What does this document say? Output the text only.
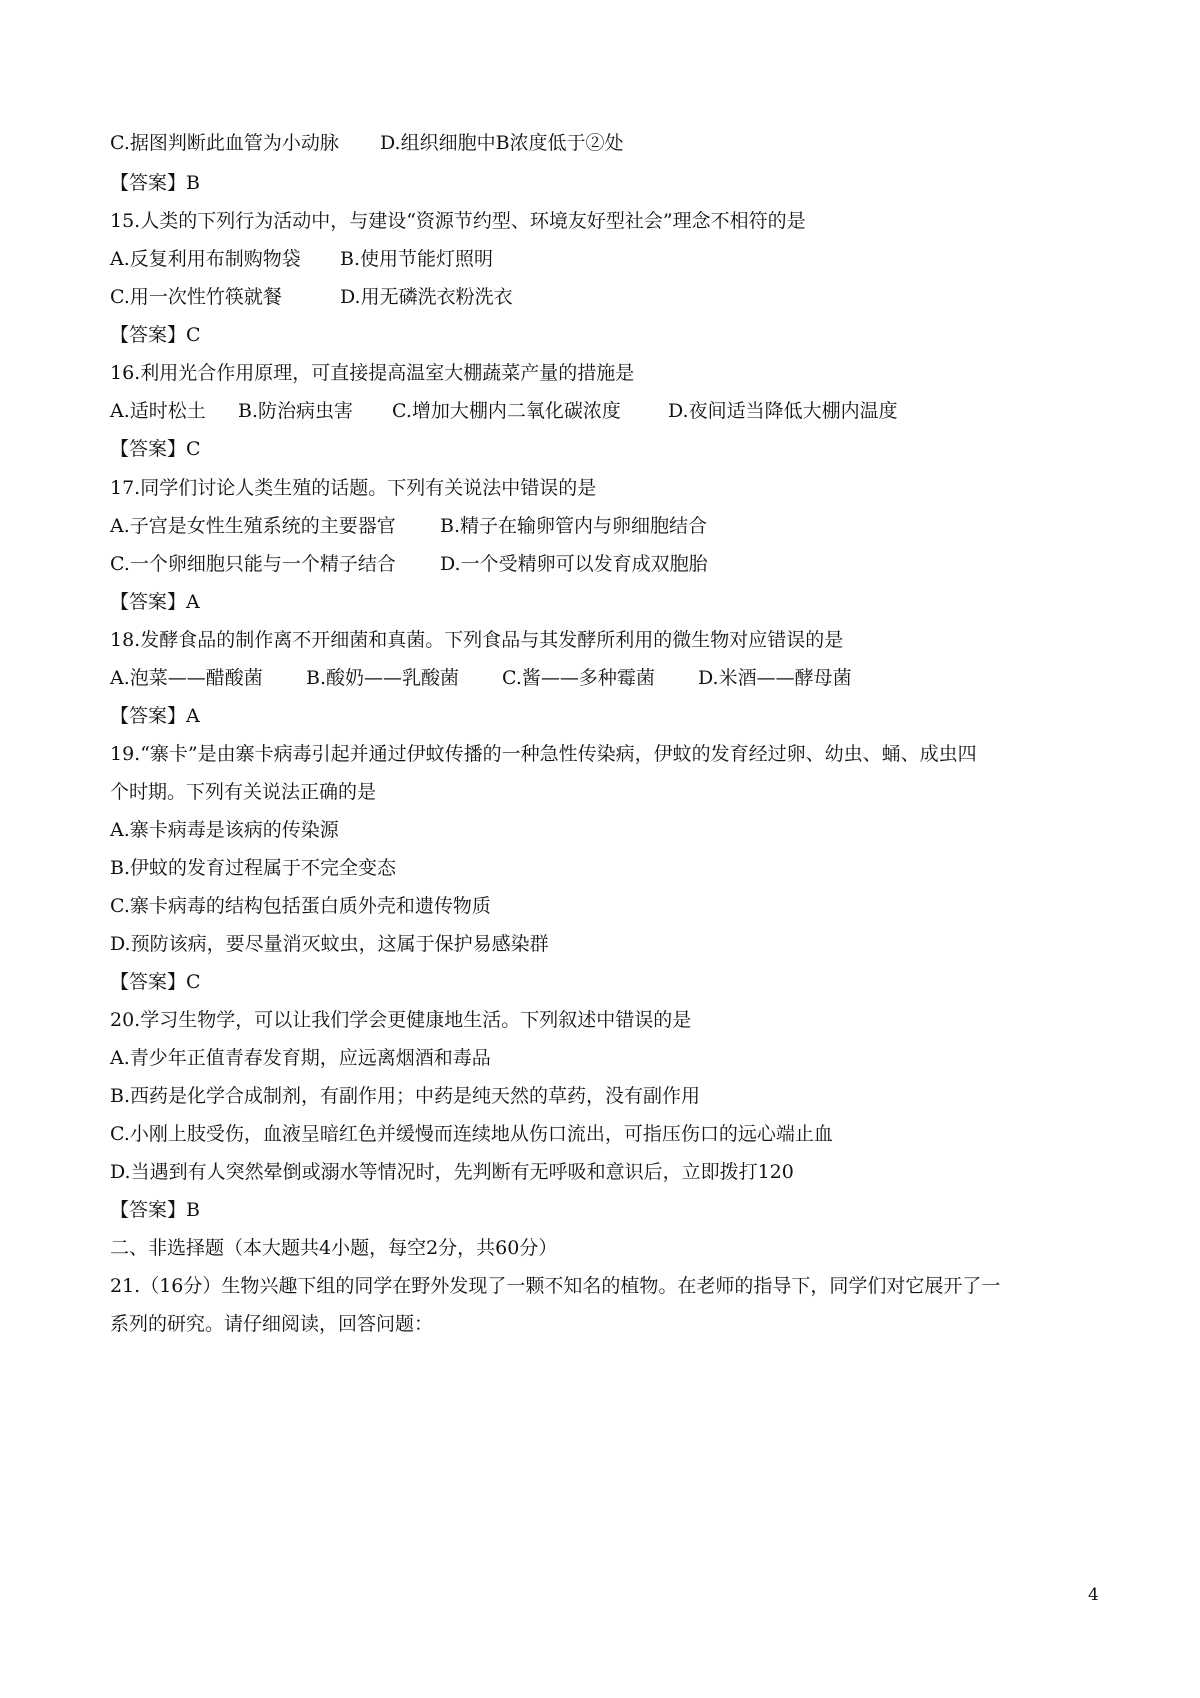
C.据图判断此血管为小动脉	D.组织细胞中B浓度低于②处
【答案】B
15.人类的下列行为活动中，与建设“资源节约型、环境友好型社会”理念不相符的是
A.反复利用布制购物袋	B.使用节能灯照明
C.用一次性竹筷就餐	D.用无磷洗衣粉洗衣
【答案】C
16.利用光合作用原理，可直接提高温室大棚蔬菜产量的措施是
A.适时松土	B.防治病虫害	C.增加大棚内二氧化碳浓度	D.夜间适当降低大棚内温度
【答案】C
17.同学们讨论人类生殖的话题。下列有关说法中错误的是
A.子宫是女性生殖系统的主要器官	B.精子在输卵管内与卵细胞结合
C.一个卵细胞只能与一个精子结合	D.一个受精卵可以发育成双胞胎
【答案】A
18.发酵食品的制作离不开细菌和真菌。下列食品与其发酵所利用的微生物对应错误的是
A.泡菜——醋酸菌	B.酸奶——乳酸菌	C.酱——多种霉菌	D.米酒——酵母菌
【答案】A
19.“寨卡”是由寨卡病毒引起并通过伊蚊传播的一种急性传染病，伊蚊的发育经过卵、幼虫、蛹、成虫四
个时期。下列有关说法正确的是
A.寨卡病毒是该病的传染源
B.伊蚊的发育过程属于不完全变态
C.寨卡病毒的结构包括蛋白质外壳和遗传物质
D.预防该病，要尽量消灭蚊虫，这属于保护易感染群
【答案】C
20.学习生物学，可以让我们学会更健康地生活。下列叙述中错误的是
A.青少年正值青春发育期，应远离烟酒和毒品
B.西药是化学合成制剂，有副作用；中药是纯天然的草药，没有副作用
C.小刚上肢受伤，血液呈暗红色并缓慢而连续地从伤口流出，可指压伤口的远心端止血
D.当遇到有人突然晕倒或溺水等情况时，先判断有无呼吸和意识后，立即拨打120
【答案】B
二、非选择题（本大题共4小题，每空2分，共60分）
21.（16分）生物兴趣下组的同学在野外发现了一颗不知名的植物。在老师的指导下，同学们对它展开了一
系列的研究。请仔细阅读，回答问题：
4
